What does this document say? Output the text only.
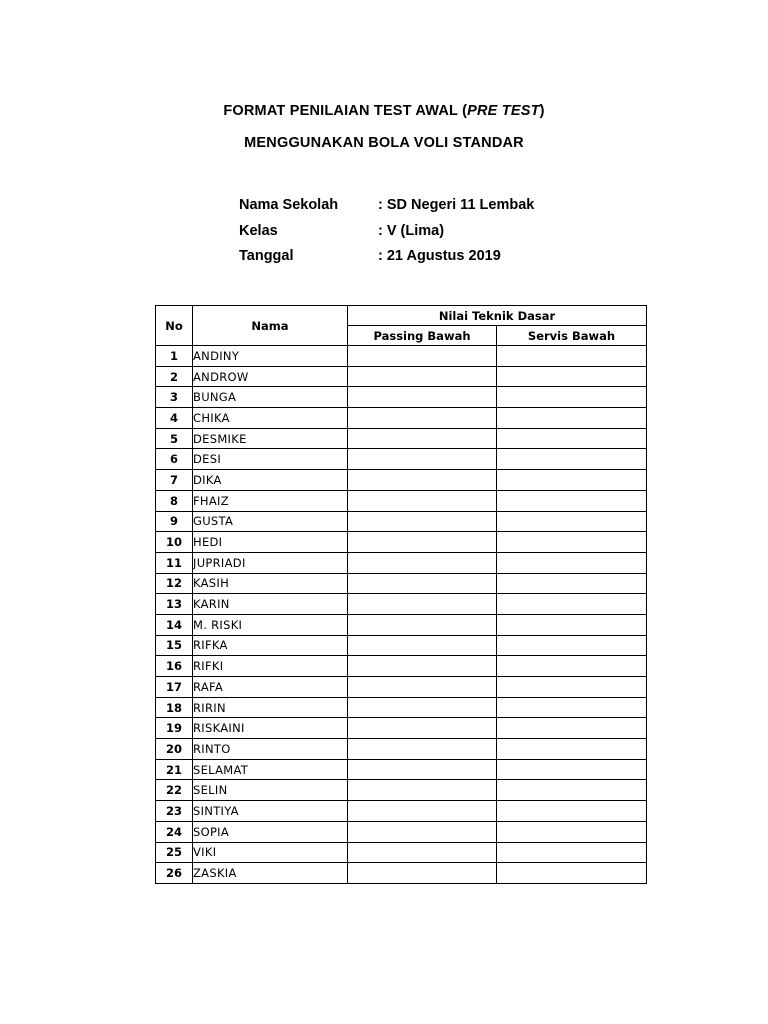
FORMAT PENILAIAN TEST AWAL (PRE TEST)
MENGGUNAKAN BOLA VOLI STANDAR
Nama Sekolah	: SD Negeri 11 Lembak
Kelas	: V (Lima)
Tanggal	: 21 Agustus 2019
No	Nama	Nilai Teknik Dasar	
		Passing Bawah	Servis Bawah
1	ANDINY		
2	ANDROW		
3	BUNGA		
4	CHIKA		
5	DESMIKE		
6	DESI		
7	DIKA		
8	FHAIZ		
9	GUSTA		
10	HEDI		
11	JUPRIADI		
12	KASIH		
13	KARIN		
14	M. RISKI		
15	RIFKA		
16	RIFKI		
17	RAFA		
18	RIRIN		
19	RISKAINI		
20	RINTO		
21	SELAMAT		
22	SELIN		
23	SINTIYA		
24	SOPIA		
25	VIKI		
26	ZASKIA		
